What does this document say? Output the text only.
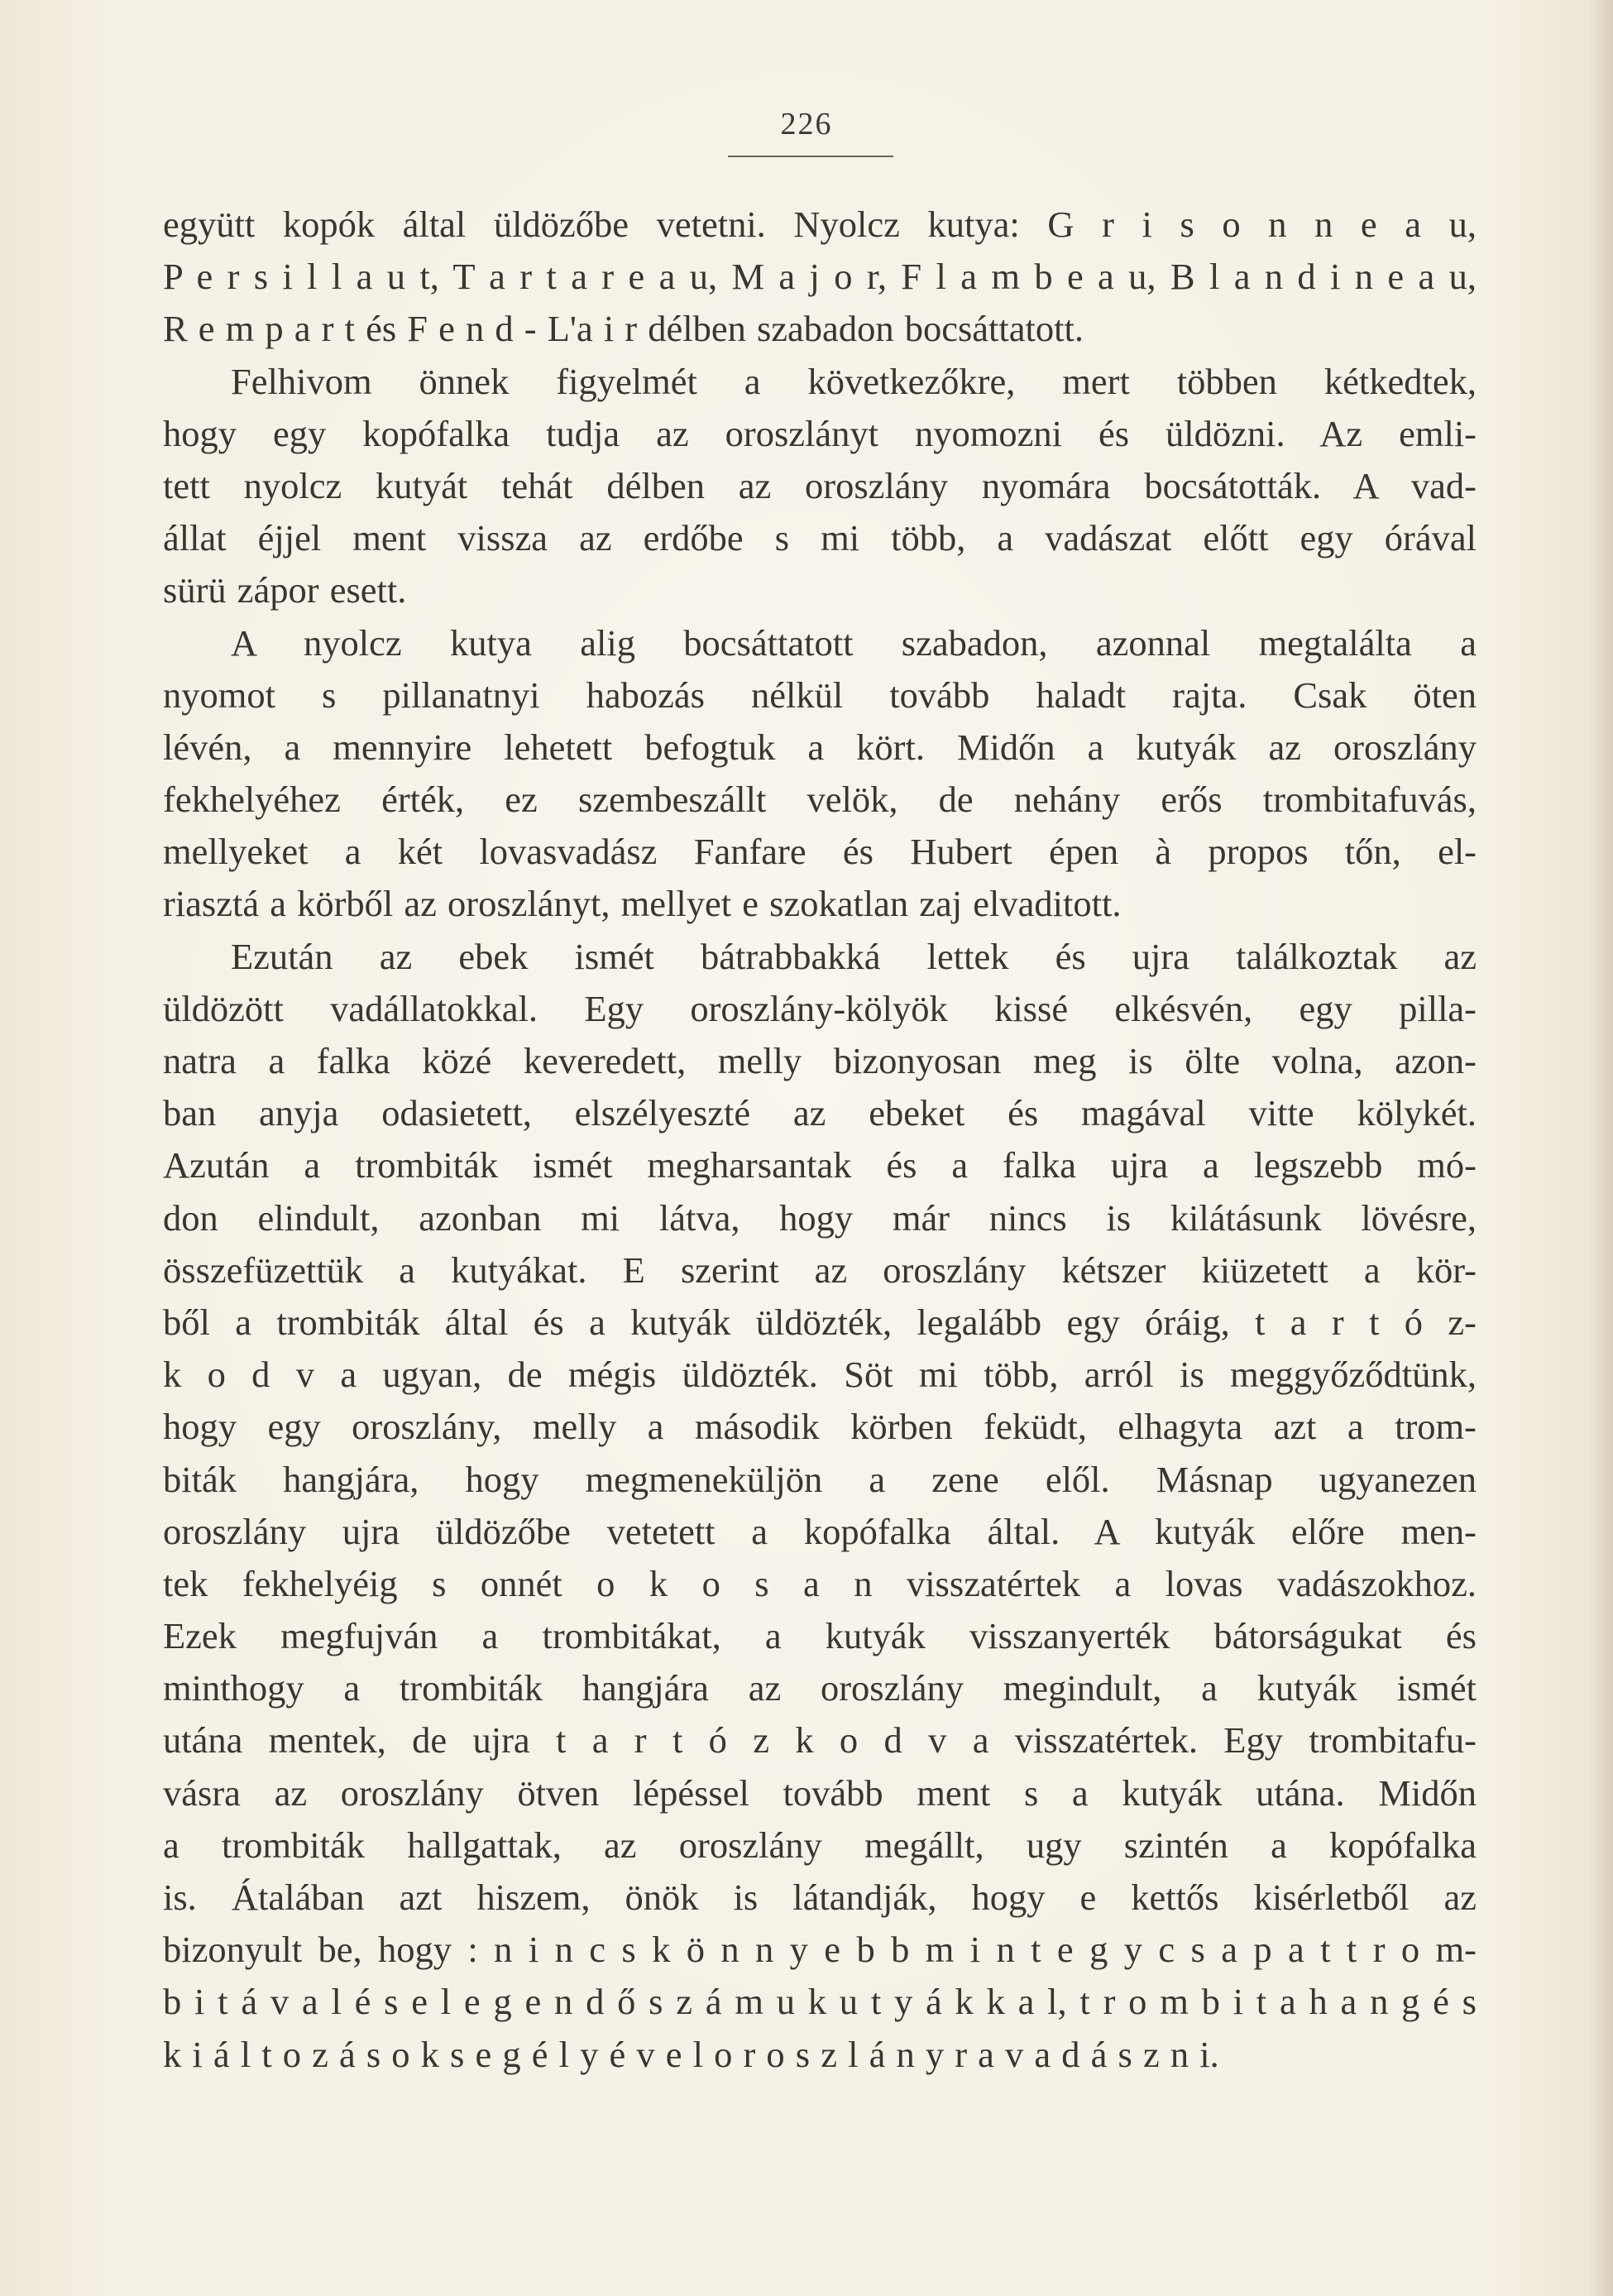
226
együtt kopók által üldözőbe vetetni. Nyolcz kutya: G r i s o n n e a u,
P e r s i l l a u t, T a r t a r e a u, M a j o r, F l a m b e a u, B l a n d i n e a u,
R e m p a r t és F e n d - L'a i r délben szabadon bocsáttatott.
Felhivom önnek figyelmét a következőkre, mert többen kétkedtek,
hogy egy kopófalka tudja az oroszlányt nyomozni és üldözni. Az emli-
tett nyolcz kutyát tehát délben az oroszlány nyomára bocsátották. A vad-
állat éjjel ment vissza az erdőbe s mi több, a vadászat előtt egy órával
sürü zápor esett.
A nyolcz kutya alig bocsáttatott szabadon, azonnal megtalálta a
nyomot s pillanatnyi habozás nélkül tovább haladt rajta. Csak öten
lévén, a mennyire lehetett befogtuk a kört. Midőn a kutyák az oroszlány
fekhelyéhez érték, ez szembeszállt velök, de nehány erős trombitafuvás,
mellyeket a két lovasvadász Fanfare és Hubert épen à propos tőn, el-
riasztá a körből az oroszlányt, mellyet e szokatlan zaj elvaditott.
Ezután az ebek ismét bátrabbakká lettek és ujra találkoztak az
üldözött vadállatokkal. Egy oroszlány-kölyök kissé elkésvén, egy pilla-
natra a falka közé keveredett, melly bizonyosan meg is ölte volna, azon-
ban anyja odasietett, elszélyeszté az ebeket és magával vitte kölykét.
Azután a trombiták ismét megharsantak és a falka ujra a legszebb mó-
don elindult, azonban mi látva, hogy már nincs is kilátásunk lövésre,
összefüzettük a kutyákat. E szerint az oroszlány kétszer kiüzetett a kör-
ből a trombiták által és a kutyák üldözték, legalább egy óráig, t a r t ó z-
k o d v a ugyan, de mégis üldözték. Söt mi több, arról is meggyőződtünk,
hogy egy oroszlány, melly a második körben feküdt, elhagyta azt a trom-
biták hangjára, hogy megmeneküljön a zene elől. Másnap ugyanezen
oroszlány ujra üldözőbe vetetett a kopófalka által. A kutyák előre men-
tek fekhelyéig s onnét o k o s a n visszatértek a lovas vadászokhoz.
Ezek megfujván a trombitákat, a kutyák visszanyerték bátorságukat és
minthogy a trombiták hangjára az oroszlány megindult, a kutyák ismét
utána mentek, de ujra t a r t ó z k o d v a visszatértek. Egy trombitafu-
vásra az oroszlány ötven lépéssel tovább ment s a kutyák utána. Midőn
a trombiták hallgattak, az oroszlány megállt, ugy szintén a kopófalka
is. Átalában azt hiszem, önök is látandják, hogy e kettős kisérletből az
bizonyult be, hogy : n i n c s k ö n n y e b b m i n t e g y c s a p a t t r o m-
b i t á v a l é s e l e g e n d ő s z á m u k u t y á k k a l, t r o m b i t a h a n g é s
k i á l t o z á s o k s e g é l y é v e l o r o s z l á n y r a v a d á s z n i.
